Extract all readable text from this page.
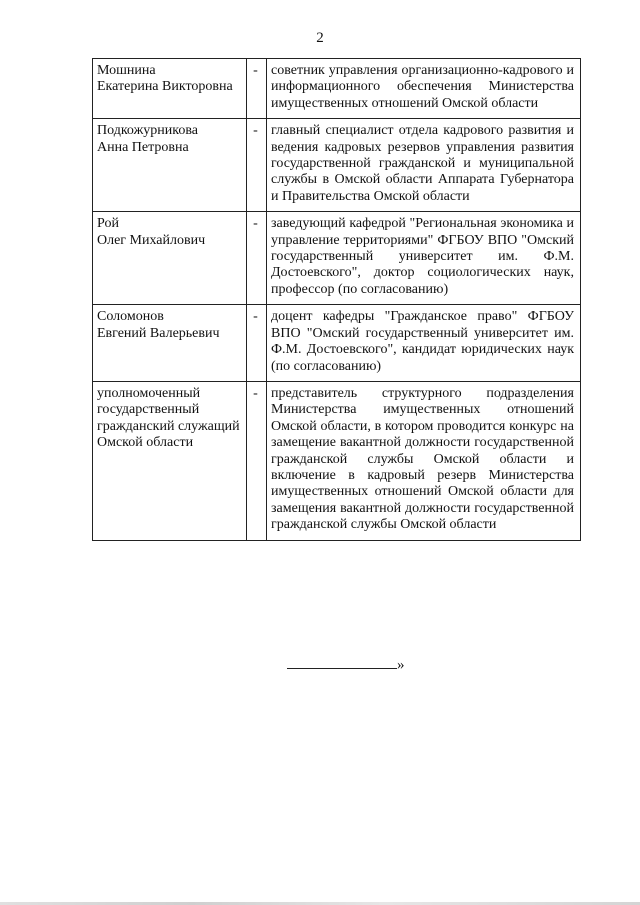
2
Мошнина
Екатерина Викторовна	-	советник управления организационно-кадрового и информационного обеспечения Министерства имущественных отношений Омской области

Подкожурникова
Анна Петровна	-	главный специалист отдела кадрового развития и ведения кадровых резервов управления развития государственной гражданской и муниципальной службы в Омской области Аппарата Губернатора и Правительства Омской области

Рой
Олег Михайлович	-	заведующий кафедрой "Региональная экономика и управление территориями" ФГБОУ ВПО "Омский государственный университет им. Ф.М. Достоевского", доктор социологических наук, профессор (по согласованию)

Соломонов
Евгений Валерьевич	-	доцент кафедры "Гражданское право" ФГБОУ ВПО "Омский государственный университет им. Ф.М. Достоевского", кандидат юридических наук (по согласованию)

уполномоченный государственный гражданский служащий Омской области	-	представитель структурного подразделения Министерства имущественных отношений Омской области, в котором проводится конкурс на замещение вакантной должности государственной гражданской службы Омской области и включение в кадровый резерв Министерства имущественных отношений Омской области для замещения вакантной должности государственной гражданской службы Омской области
»
